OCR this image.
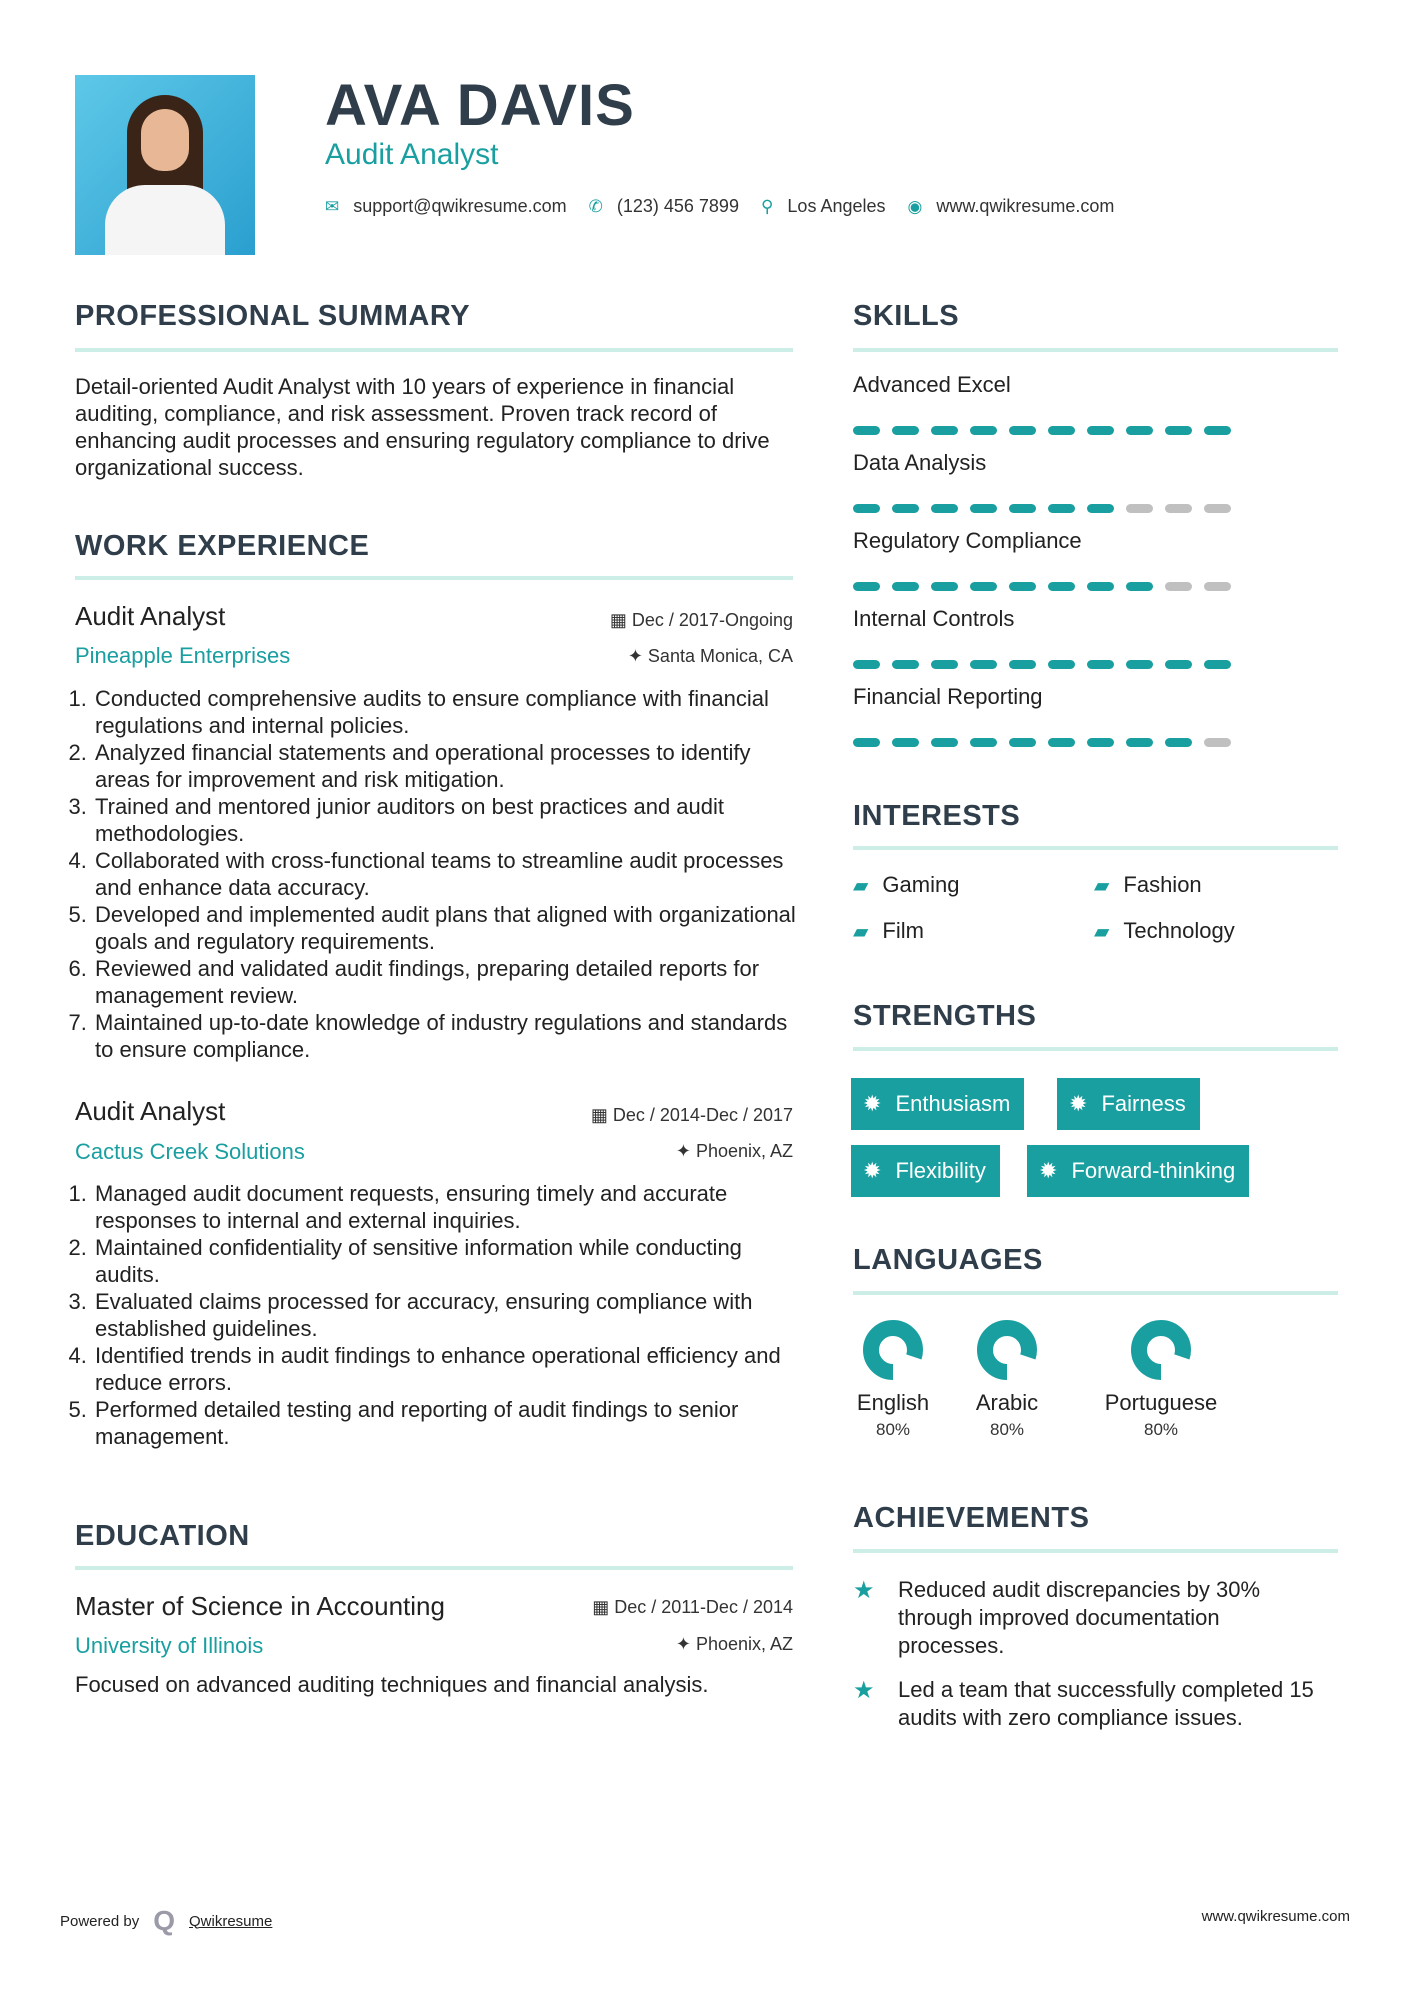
AVA DAVIS
Audit Analyst
✉ support@qwikresume.com ✆ (123) 456 7899 ⚲ Los Angeles ◉ www.qwikresume.com
PROFESSIONAL SUMMARY
Detail-oriented Audit Analyst with 10 years of experience in financial auditing, compliance, and risk assessment. Proven track record of enhancing audit processes and ensuring regulatory compliance to drive organizational success.
WORK EXPERIENCE
Audit Analyst	▦ Dec / 2017-Ongoing
Pineapple Enterprises	✦ Santa Monica, CA
1. Conducted comprehensive audits to ensure compliance with financial regulations and internal policies.
2. Analyzed financial statements and operational processes to identify areas for improvement and risk mitigation.
3. Trained and mentored junior auditors on best practices and audit methodologies.
4. Collaborated with cross-functional teams to streamline audit processes and enhance data accuracy.
5. Developed and implemented audit plans that aligned with organizational goals and regulatory requirements.
6. Reviewed and validated audit findings, preparing detailed reports for management review.
7. Maintained up-to-date knowledge of industry regulations and standards to ensure compliance.
Audit Analyst	▦ Dec / 2014-Dec / 2017
Cactus Creek Solutions	✦ Phoenix, AZ
1. Managed audit document requests, ensuring timely and accurate responses to internal and external inquiries.
2. Maintained confidentiality of sensitive information while conducting audits.
3. Evaluated claims processed for accuracy, ensuring compliance with established guidelines.
4. Identified trends in audit findings to enhance operational efficiency and reduce errors.
5. Performed detailed testing and reporting of audit findings to senior management.
EDUCATION
Master of Science in Accounting	▦ Dec / 2011-Dec / 2014
University of Illinois	✦ Phoenix, AZ
Focused on advanced auditing techniques and financial analysis.
SKILLS
Advanced Excel
Data Analysis
Regulatory Compliance
Internal Controls
Financial Reporting
INTERESTS
▰ Gaming	▰ Fashion
▰ Film	▰ Technology
STRENGTHS
✹ Enthusiasm	✹ Fairness
✹ Flexibility ✹ Forward-thinking
LANGUAGES
English
80%
Arabic
80%
Portuguese
80%
ACHIEVEMENTS
★	Reduced audit discrepancies by 30% through improved documentation processes.
★	Led a team that successfully completed 15 audits with zero compliance issues.
Powered by Q Qwikresume	www.qwikresume.com
